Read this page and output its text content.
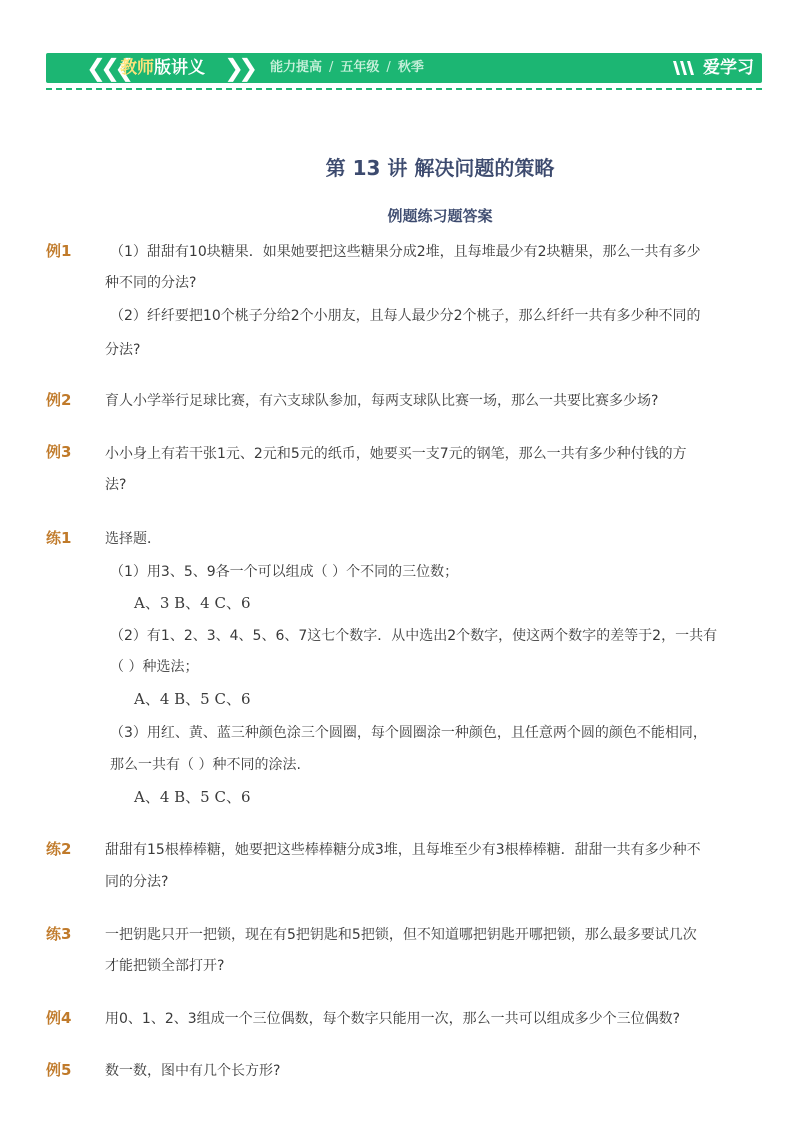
❮❮❮
教师版讲义 ❯❯ 能力提高 / 五年级 / 秋季	爱学习
第 13 讲 解决问题的策略
例题练习题答案
例1	（1）甜甜有10块糖果．如果她要把这些糖果分成2堆，且每堆最少有2块糖果，那么一共有多少
种不同的分法?
（2）纤纤要把10个桃子分给2个小朋友，且每人最少分2个桃子，那么纤纤一共有多少种不同的
分法?
例2 育人小学举行足球比赛，有六支球队参加，每两支球队比赛一场，那么一共要比赛多少场?
例3 小小身上有若干张1元、2元和5元的纸币，她要买一支7元的钢笔，那么一共有多少种付钱的方
法?
练1 选择题．
（1）用3、5、9各一个可以组成（ ）个不同的三位数；
A、3 B、4 C、6
（2）有1、2、3、4、5、6、7这七个数字．从中选出2个数字，使这两个数字的差等于2，一共有
（ ）种选法；
A、4 B、5 C、6
（3）用红、黄、蓝三种颜色涂三个圆圈，每个圆圈涂一种颜色，且任意两个圆的颜色不能相同，
那么一共有（ ）种不同的涂法.
A、4 B、5 C、6
练2 甜甜有15根棒棒糖，她要把这些棒棒糖分成3堆，且每堆至少有3根棒棒糖．甜甜一共有多少种不
同的分法?
练3 一把钥匙只开一把锁，现在有5把钥匙和5把锁，但不知道哪把钥匙开哪把锁，那么最多要试几次
才能把锁全部打开?
例4 用0、1、2、3组成一个三位偶数，每个数字只能用一次，那么一共可以组成多少个三位偶数?
例5 数一数，图中有几个长方形?
